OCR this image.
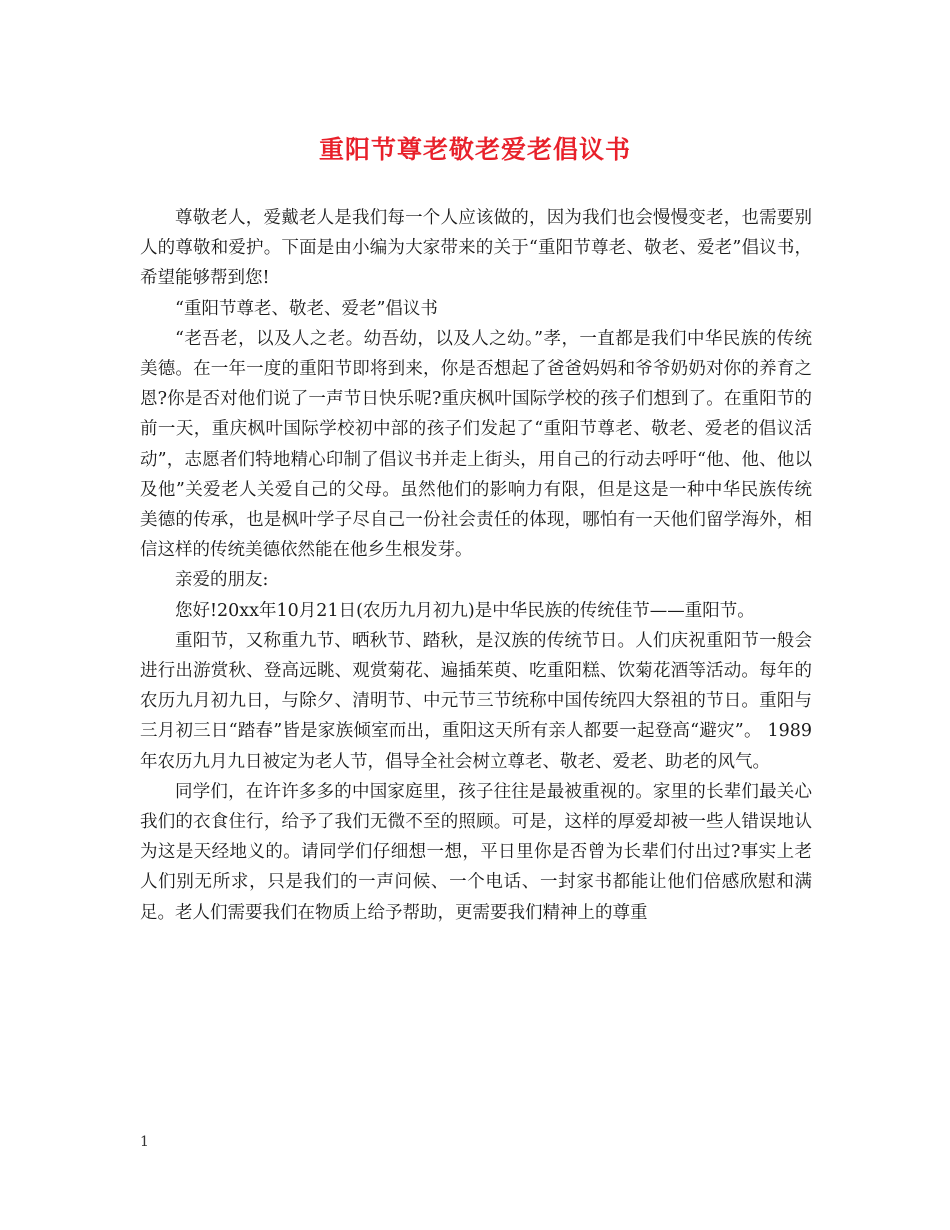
重阳节尊老敬老爱老倡议书

尊敬老人，爱戴老人是我们每一个人应该做的，因为我们也会慢慢变老，也需要别人的尊敬和爱护。下面是由小编为大家带来的关于“重阳节尊老、敬老、爱老”倡议书，希望能够帮到您!

“重阳节尊老、敬老、爱老”倡议书

“老吾老，以及人之老。幼吾幼，以及人之幼。”孝，一直都是我们中华民族的传统美德。在一年一度的重阳节即将到来，你是否想起了爸爸妈妈和爷爷奶奶对你的养育之恩?你是否对他们说了一声节日快乐呢?重庆枫叶国际学校的孩子们想到了。在重阳节的前一天，重庆枫叶国际学校初中部的孩子们发起了“重阳节尊老、敬老、爱老的倡议活动”，志愿者们特地精心印制了倡议书并走上街头，用自己的行动去呼吁“他、他、他以及他”关爱老人关爱自己的父母。虽然他们的影响力有限，但是这是一种中华民族传统美德的传承，也是枫叶学子尽自己一份社会责任的体现，哪怕有一天他们留学海外，相信这样的传统美德依然能在他乡生根发芽。

亲爱的朋友:

您好!20xx年10月21日(农历九月初九)是中华民族的传统佳节——重阳节。

重阳节，又称重九节、晒秋节、踏秋，是汉族的传统节日。人们庆祝重阳节一般会进行出游赏秋、登高远眺、观赏菊花、遍插茱萸、吃重阳糕、饮菊花酒等活动。每年的农历九月初九日，与除夕、清明节、中元节三节统称中国传统四大祭祖的节日。重阳与三月初三日“踏春”皆是家族倾室而出，重阳这天所有亲人都要一起登高“避灾”。 1989年农历九月九日被定为老人节，倡导全社会树立尊老、敬老、爱老、助老的风气。

同学们，在许许多多的中国家庭里，孩子往往是最被重视的。家里的长辈们最关心我们的衣食住行，给予了我们无微不至的照顾。可是，这样的厚爱却被一些人错误地认为这是天经地义的。请同学们仔细想一想，平日里你是否曾为长辈们付出过?事实上老人们别无所求，只是我们的一声问候、一个电话、一封家书都能让他们倍感欣慰和满足。老人们需要我们在物质上给予帮助，更需要我们精神上的尊重

1
